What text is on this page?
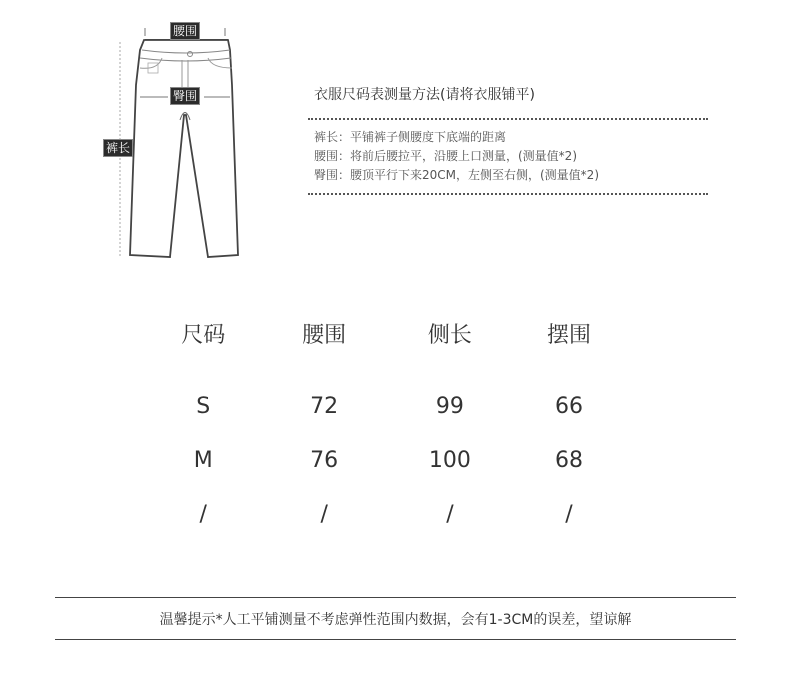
腰围
臀围
裤长
衣服尺码表测量方法(请将衣服铺平)
裤长：平铺裤子侧腰度下底端的距离
腰围：将前后腰拉平，沿腰上口测量，(测量值*2)
臀围：腰顶平行下来20CM，左侧至右侧，(测量值*2)
尺码	腰围	侧长	摆围
S	72	99	66
M	76	100	68
/	/	/	/
温馨提示*人工平铺测量不考虑弹性范围内数据，会有1-3CM的误差，望谅解
